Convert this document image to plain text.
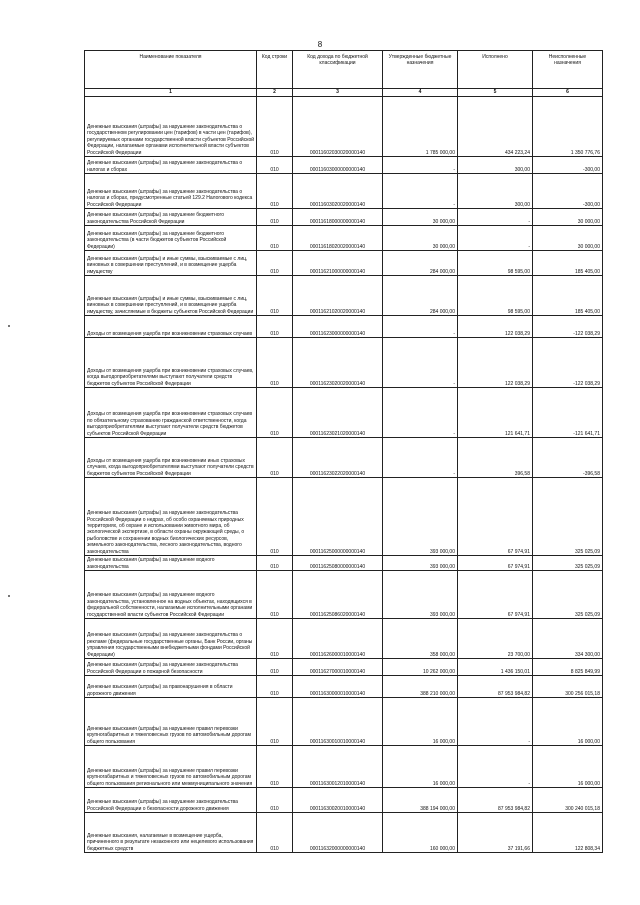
8
Наименование показателя	Код строки	Код дохода по бюджетной классификации	Утвержденные бюджетные назначения	Исполнено	Неисполненные назначения
1	2	3	4	5	6
Денежные взыскания (штрафы) за нарушение законодательства о государственном регулировании цен (тарифов) в части цен (тарифов), регулируемых органами государственной власти субъектов Российской Федерации, налагаемые органами исполнительной власти субъектов Российской Федерации	010	00011602030020000140	1 785 000,00	434 223,24	1 350 776,76
Денежные взыскания (штрафы) за нарушение законодательства о налогах и сборах	010	00011603000000000140	-	300,00	-300,00
Денежные взыскания (штрафы) за нарушение законодательства о налогах и сборах, предусмотренные статьей 129.2 Налогового кодекса Российской Федерации	010	00011603020020000140	-	300,00	-300,00
Денежные взыскания (штрафы) за нарушение бюджетного законодательства Российской Федерации	010	00011618000000000140	30 000,00	-	30 000,00
Денежные взыскания (штрафы) за нарушение бюджетного законодательства (в части бюджетов субъектов Российской Федерации)	010	00011618020020000140	30 000,00	-	30 000,00
Денежные взыскания (штрафы) и иные суммы, взыскиваемые с лиц, виновных в совершении преступлений, и в возмещение ущерба имуществу	010	00011621000000000140	284 000,00	98 595,00	185 405,00
Денежные взыскания (штрафы) и иные суммы, взыскиваемые с лиц, виновных в совершении преступлений, и в возмещение ущерба имуществу, зачисляемые в бюджеты субъектов Российской Федерации	010	00011621020020000140	284 000,00	98 595,00	185 405,00
Доходы от возмещения ущерба при возникновении страховых случаев	010	00011623000000000140	-	122 038,29	-122 038,29
Доходы от возмещения ущерба при возникновении страховых случаев, когда выгодоприобретателями выступают получатели средств бюджетов субъектов Российской Федерации	010	00011623020020000140	-	122 038,29	-122 038,29
Доходы от возмещения ущерба при возникновении страховых случаев по обязательному страхованию гражданской ответственности, когда выгодоприобретателями выступают получатели средств бюджетов субъектов Российской Федерации	010	00011623021020000140	-	121 641,71	-121 641,71
Доходы от возмещения ущерба при возникновении иных страховых случаев, когда выгодоприобретателями выступают получатели средств бюджетов субъектов Российской Федерации	010	00011623022020000140	-	396,58	-396,58
Денежные взыскания (штрафы) за нарушение законодательства Российской Федерации о недрах, об особо охраняемых природных территориях, об охране и использовании животного мира, об экологической экспертизе, в области охраны окружающей среды, о рыболовстве и сохранении водных биологических ресурсов, земельного законодательства, лесного законодательства, водного законодательства	010	00011625000000000140	393 000,00	67 974,91	325 025,09
Денежные взыскания (штрафы) за нарушение водного законодательства	010	00011625080000000140	393 000,00	67 974,91	325 025,09
Денежные взыскания (штрафы) за нарушение водного законодательства, установленное на водных объектах, находящихся в федеральной собственности, налагаемые исполнительными органами государственной власти субъектов Российской Федерации	010	00011625086020000140	393 000,00	67 974,91	325 025,09
Денежные взыскания (штрафы) за нарушение законодательства о рекламе (федеральные государственные органы, Банк России, органы управления государственными внебюджетными фондами Российской Федерации)	010	00011626000010000140	358 000,00	23 700,00	334 300,00
Денежные взыскания (штрафы) за нарушение законодательства Российской Федерации о пожарной безопасности	010	00011627000010000140	10 262 000,00	1 436 150,01	8 825 849,99
Денежные взыскания (штрафы) за правонарушения в области дорожного движения	010	00011630000010000140	388 210 000,00	87 953 984,82	300 256 015,18
Денежные взыскания (штрафы) за нарушение правил перевозки крупногабаритных и тяжеловесных грузов по автомобильным дорогам общего пользования	010	00011630010010000140	16 000,00	-	16 000,00
Денежные взыскания (штрафы) за нарушение правил перевозки крупногабаритных и тяжеловесных грузов по автомобильным дорогам общего пользования регионального или межмуниципального значения	010	00011630012010000140	16 000,00	-	16 000,00
Денежные взыскания (штрафы) за нарушение законодательства Российской Федерации о безопасности дорожного движения	010	00011630020010000140	388 194 000,00	87 953 984,82	300 240 015,18
Денежные взыскания, налагаемые в возмещение ущерба, причиненного в результате незаконного или нецелевого использования бюджетных средств	010	00011632000000000140	160 000,00	37 191,66	122 808,34
